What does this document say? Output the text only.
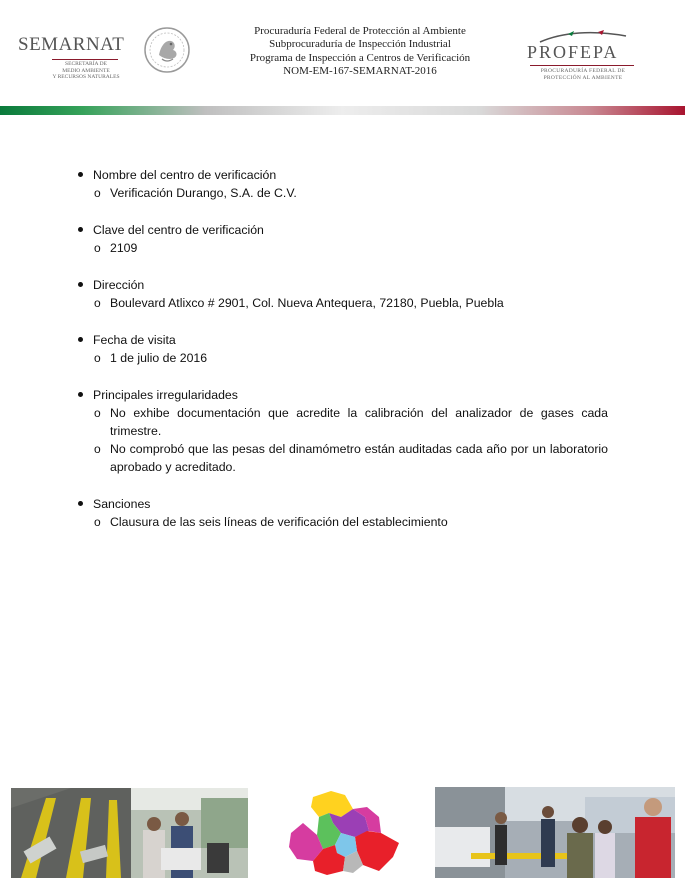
SEMARNAT
SECRETARÍA DE
MEDIO AMBIENTE
Y RECURSOS NATURALES
Procuraduría Federal de Protección al Ambiente
Subprocuraduría de Inspección Industrial
Programa de Inspección a Centros de Verificación
NOM-EM-167-SEMARNAT-2016
PROFEPA
PROCURADURÍA FEDERAL DE
PROTECCIÓN AL AMBIENTE
Nombre del centro de verificación
o Verificación Durango, S.A. de C.V.
Clave del centro de verificación
o 2109
Dirección
o Boulevard Atlixco # 2901, Col. Nueva Antequera, 72180, Puebla, Puebla
Fecha de visita
o 1 de julio de 2016
Principales irregularidades
o No exhibe documentación que acredite la calibración del analizador de gases cada trimestre.
o No comprobó que las pesas del dinamómetro están auditadas cada año por un laboratorio aprobado y acreditado.
Sanciones
o Clausura de las seis líneas de verificación del establecimiento
